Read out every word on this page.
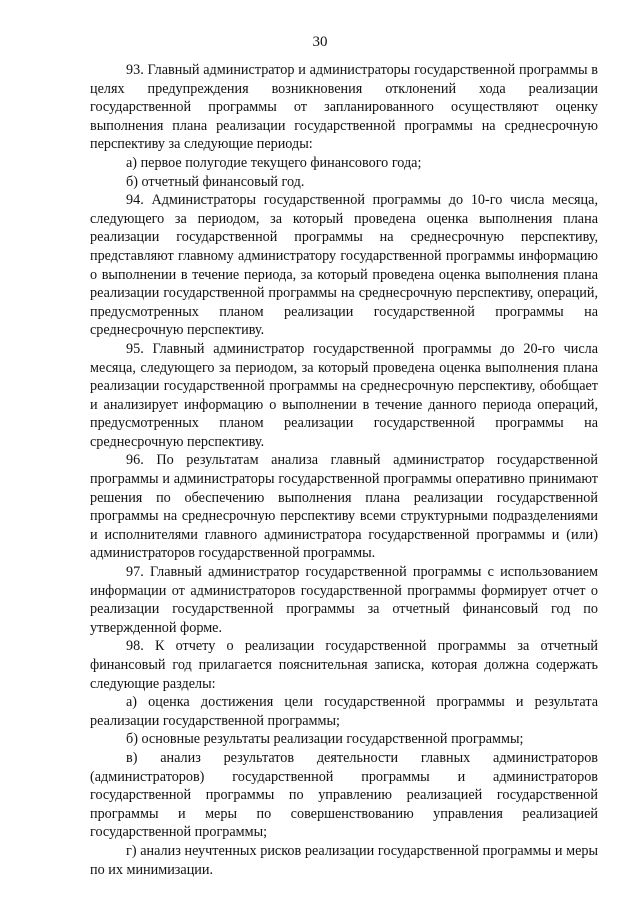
30

93. Главный администратор и администраторы государственной программы в целях предупреждения возникновения отклонений хода реализации государственной программы от запланированного осуществляют оценку выполнения плана реализации государственной программы на среднесрочную перспективу за следующие периоды:

а) первое полугодие текущего финансового года;

б) отчетный финансовый год.

94. Администраторы государственной программы до 10-го числа месяца, следующего за периодом, за который проведена оценка выполнения плана реализации государственной программы на среднесрочную перспективу, представляют главному администратору государственной программы информацию о выполнении в течение периода, за который проведена оценка выполнения плана реализации государственной программы на среднесрочную перспективу, операций, предусмотренных планом реализации государственной программы на среднесрочную перспективу.

95. Главный администратор государственной программы до 20-го числа месяца, следующего за периодом, за который проведена оценка выполнения плана реализации государственной программы на среднесрочную перспективу, обобщает и анализирует информацию о выполнении в течение данного периода операций, предусмотренных планом реализации государственной программы на среднесрочную перспективу.

96. По результатам анализа главный администратор государственной программы и администраторы государственной программы оперативно принимают решения по обеспечению выполнения плана реализации государственной программы на среднесрочную перспективу всеми структурными подразделениями и исполнителями главного администратора государственной программы и (или) администраторов государственной программы.

97. Главный администратор государственной программы с использованием информации от администраторов государственной программы формирует отчет о реализации государственной программы за отчетный финансовый год по утвержденной форме.

98. К отчету о реализации государственной программы за отчетный финансовый год прилагается пояснительная записка, которая должна содержать следующие разделы:

а) оценка достижения цели государственной программы и результата реализации государственной программы;

б) основные результаты реализации государственной программы;

в) анализ результатов деятельности главных администраторов (администраторов) государственной программы и администраторов государственной программы по управлению реализацией государственной программы и меры по совершенствованию управления реализацией государственной программы;

г) анализ неучтенных рисков реализации государственной программы и меры по их минимизации.
